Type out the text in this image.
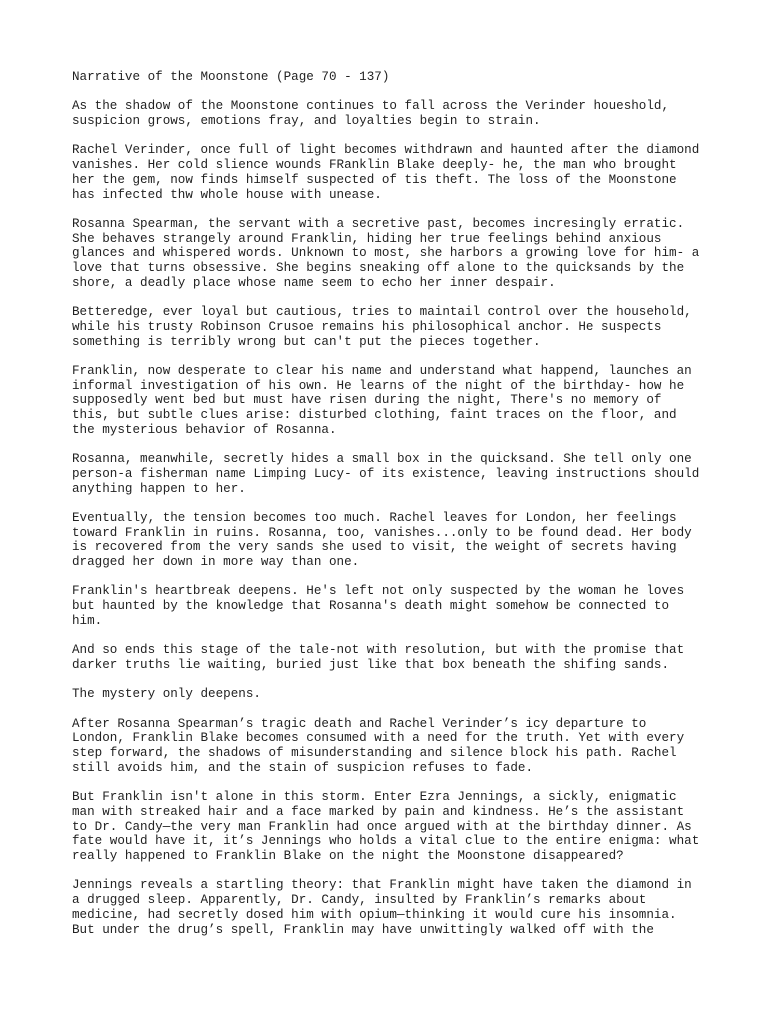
Narrative of the Moonstone (Page 70 - 137)
As the shadow of the Moonstone continues to fall across the Verinder houeshold,
suspicion grows, emotions fray, and loyalties begin to strain.
Rachel Verinder, once full of light becomes withdrawn and haunted after the diamond
vanishes. Her cold slience wounds FRanklin Blake deeply- he, the man who brought
her the gem, now finds himself suspected of tis theft. The loss of the Moonstone
has infected thw whole house with unease.
Rosanna Spearman, the servant with a secretive past, becomes incresingly erratic.
She behaves strangely around Franklin, hiding her true feelings behind anxious
glances and whispered words. Unknown to most, she harbors a growing love for him- a
love that turns obsessive. She begins sneaking off alone to the quicksands by the
shore, a deadly place whose name seem to echo her inner despair.
Betteredge, ever loyal but cautious, tries to maintail control over the household,
while his trusty Robinson Crusoe remains his philosophical anchor. He suspects
something is terribly wrong but can't put the pieces together.
Franklin, now desperate to clear his name and understand what happend, launches an
informal investigation of his own. He learns of the night of the birthday- how he
supposedly went bed but must have risen during the night, There's no memory of
this, but subtle clues arise: disturbed clothing, faint traces on the floor, and
the mysterious behavior of Rosanna.
Rosanna, meanwhile, secretly hides a small box in the quicksand. She tell only one
person-a fisherman name Limping Lucy- of its existence, leaving instructions should
anything happen to her.
Eventually, the tension becomes too much. Rachel leaves for London, her feelings
toward Franklin in ruins. Rosanna, too, vanishes...only to be found dead. Her body
is recovered from the very sands she used to visit, the weight of secrets having
dragged her down in more way than one.
Franklin's heartbreak deepens. He's left not only suspected by the woman he loves
but haunted by the knowledge that Rosanna's death might somehow be connected to
him.
And so ends this stage of the tale-not with resolution, but with the promise that
darker truths lie waiting, buried just like that box beneath the shifing sands.
The mystery only deepens.
After Rosanna Spearman’s tragic death and Rachel Verinder’s icy departure to
London, Franklin Blake becomes consumed with a need for the truth. Yet with every
step forward, the shadows of misunderstanding and silence block his path. Rachel
still avoids him, and the stain of suspicion refuses to fade.
But Franklin isn't alone in this storm. Enter Ezra Jennings, a sickly, enigmatic
man with streaked hair and a face marked by pain and kindness. He’s the assistant
to Dr. Candy—the very man Franklin had once argued with at the birthday dinner. As
fate would have it, it’s Jennings who holds a vital clue to the entire enigma: what
really happened to Franklin Blake on the night the Moonstone disappeared?
Jennings reveals a startling theory: that Franklin might have taken the diamond in
a drugged sleep. Apparently, Dr. Candy, insulted by Franklin’s remarks about
medicine, had secretly dosed him with opium—thinking it would cure his insomnia.
But under the drug’s spell, Franklin may have unwittingly walked off with the
